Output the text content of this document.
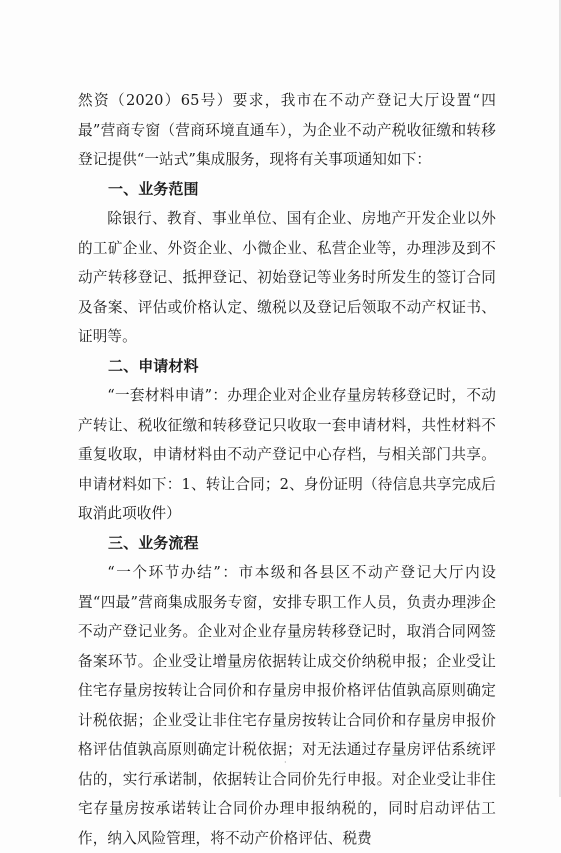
然资（2020）65号）要求，我市在不动产登记大厅设置“四最”营商专窗（营商环境直通车），为企业不动产税收征缴和转移登记提供“一站式”集成服务，现将有关事项通知如下：

一、业务范围

除银行、教育、事业单位、国有企业、房地产开发企业以外的工矿企业、外资企业、小微企业、私营企业等，办理涉及到不动产转移登记、抵押登记、初始登记等业务时所发生的签订合同及备案、评估或价格认定、缴税以及登记后领取不动产权证书、证明等。

二、申请材料

“一套材料申请”：办理企业对企业存量房转移登记时，不动产转让、税收征缴和转移登记只收取一套申请材料，共性材料不重复收取，申请材料由不动产登记中心存档，与相关部门共享。申请材料如下：1、转让合同；2、身份证明（待信息共享完成后取消此项收件）

三、业务流程

“一个环节办结”：市本级和各县区不动产登记大厅内设置“四最”营商集成服务专窗，安排专职工作人员，负责办理涉企不动产登记业务。企业对企业存量房转移登记时，取消合同网签备案环节。企业受让增量房依据转让成交价纳税申报；企业受让住宅存量房按转让合同价和存量房申报价格评估值孰高原则确定计税依据；企业受让非住宅存量房按转让合同价和存量房申报价格评估值孰高原则确定计税依据；对无法通过存量房评估系统评估的，实行承诺制，依据转让合同价先行申报。对企业受让非住宅存量房按承诺转让合同价办理申报纳税的，同时启动评估工作，纳入风险管理，将不动产价格评估、税费

·
